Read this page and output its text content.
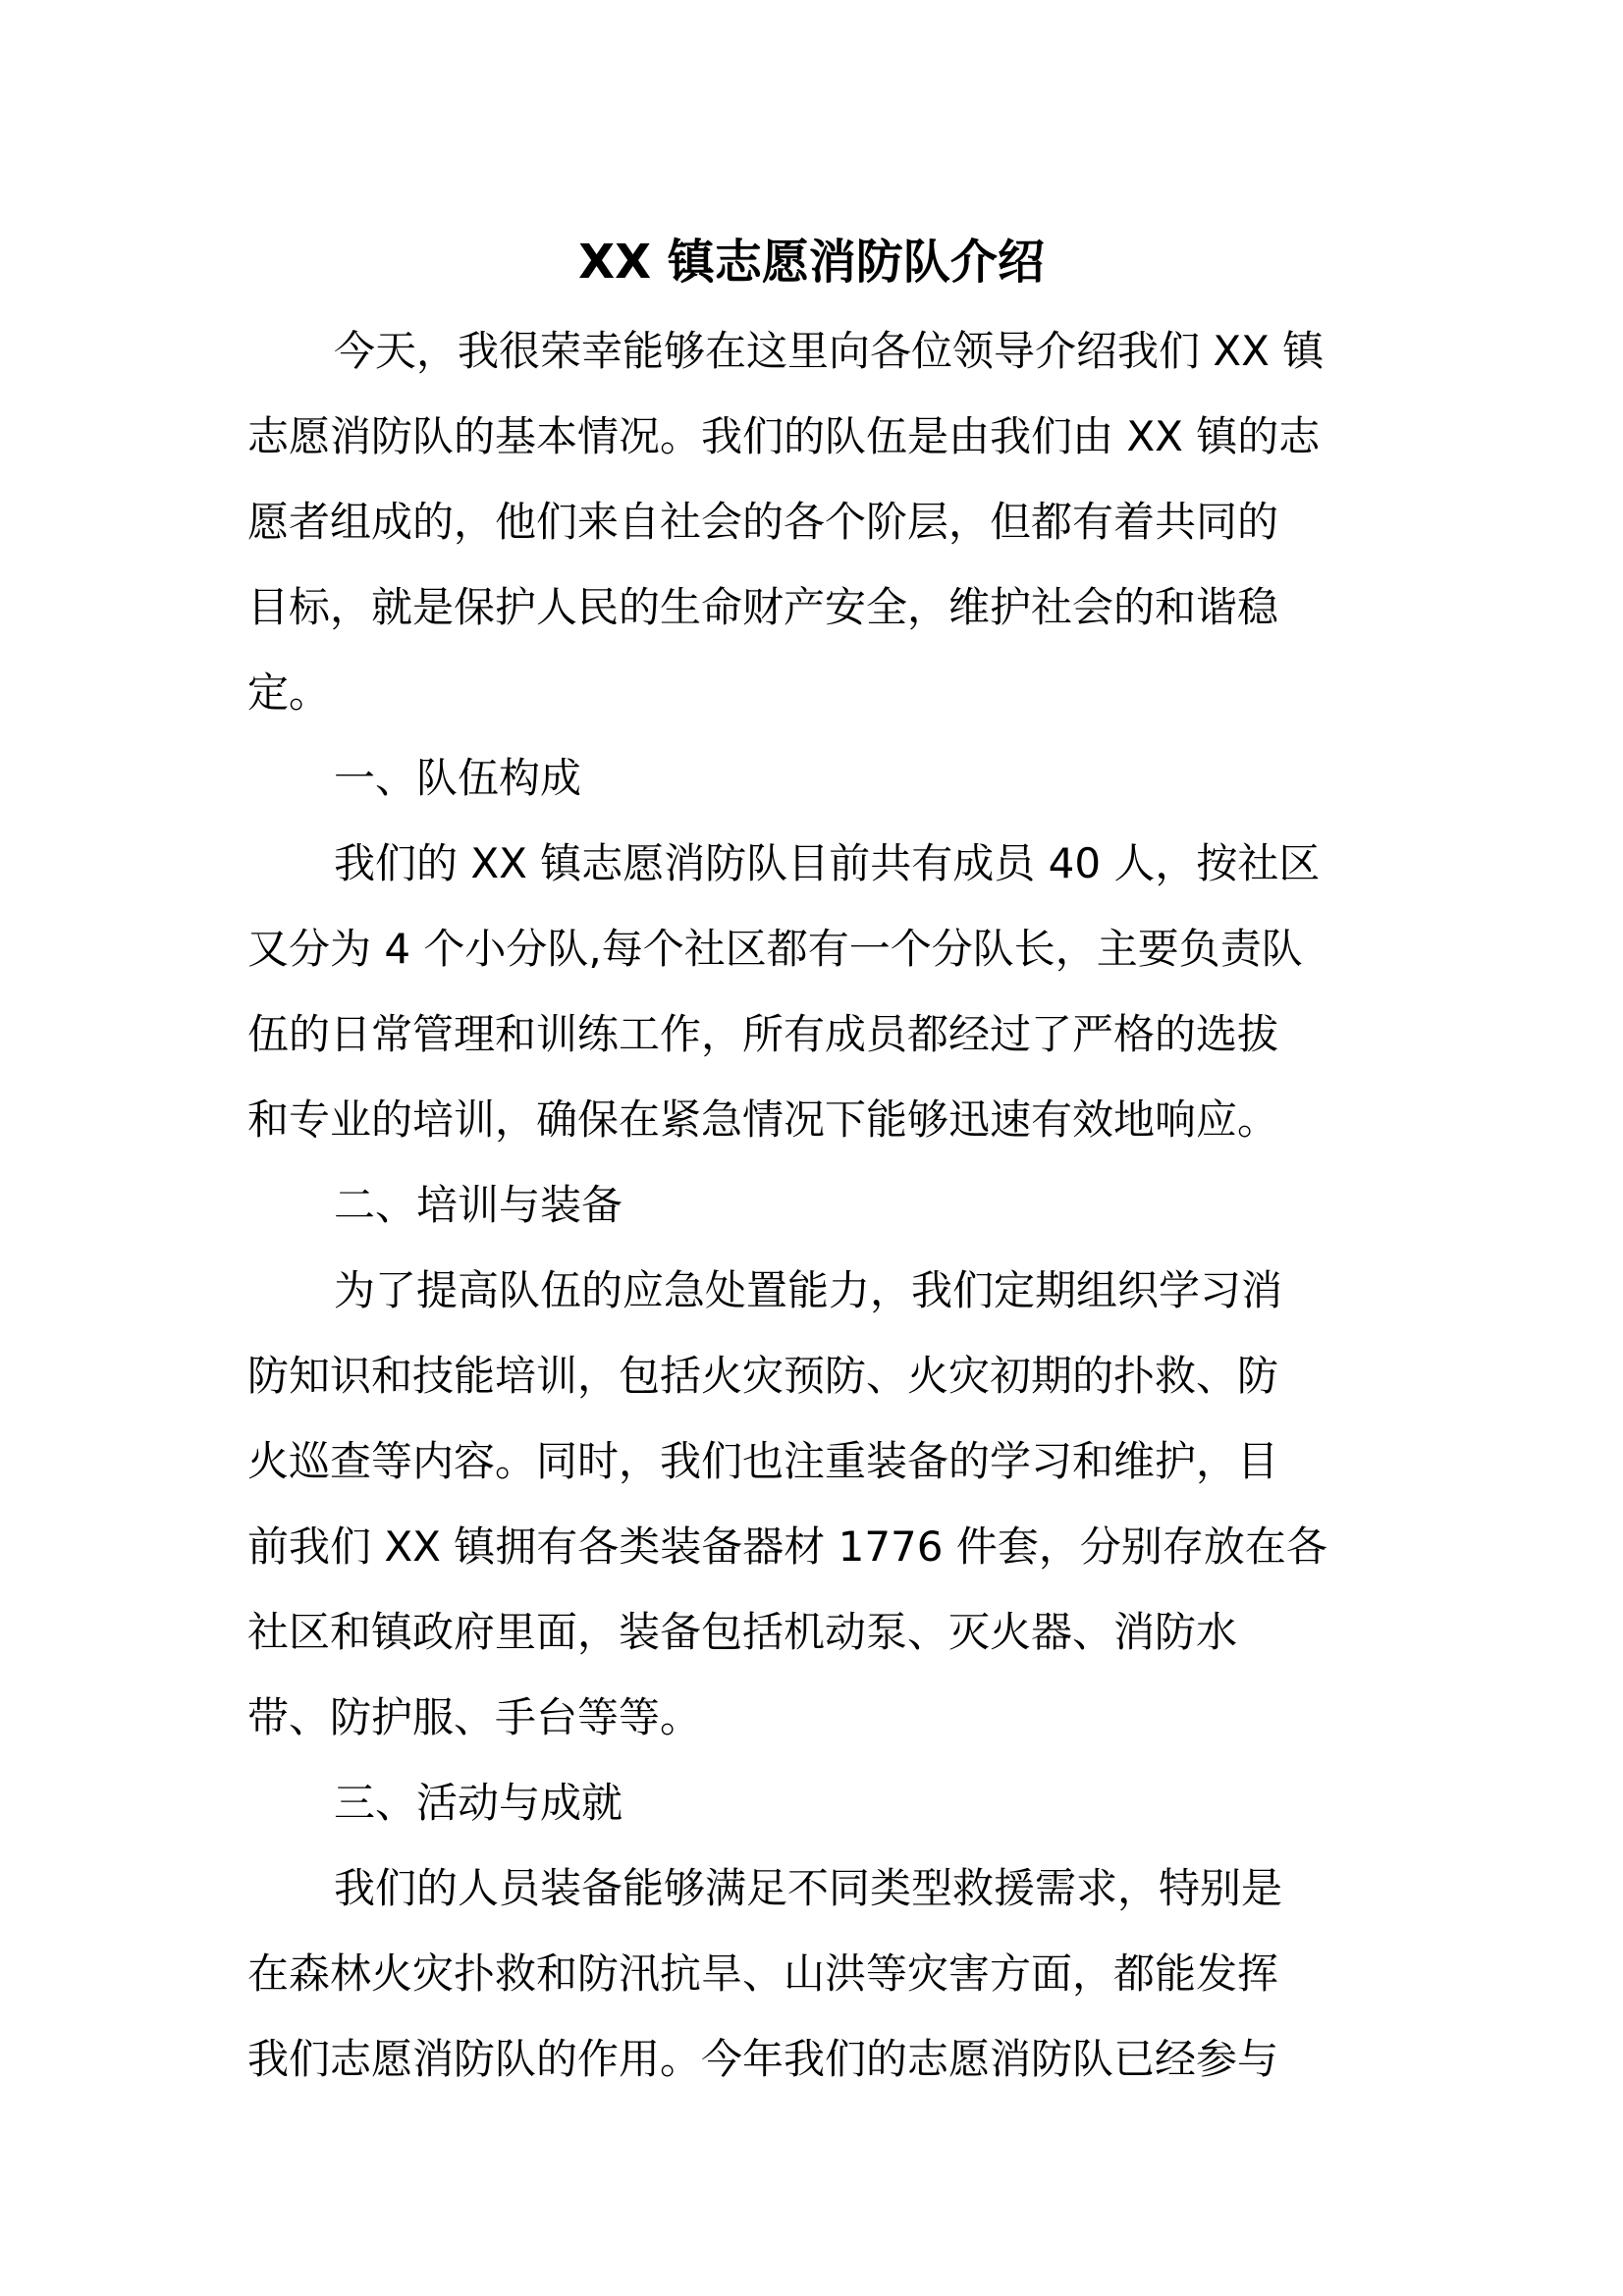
XX 镇志愿消防队介绍
今天，我很荣幸能够在这里向各位领导介绍我们 XX 镇
志愿消防队的基本情况。我们的队伍是由我们由 XX 镇的志
愿者组成的，他们来自社会的各个阶层，但都有着共同的
目标，就是保护人民的生命财产安全，维护社会的和谐稳
定。
一、队伍构成
我们的 XX 镇志愿消防队目前共有成员 40 人，按社区
又分为 4 个小分队,每个社区都有一个分队长，主要负责队
伍的日常管理和训练工作，所有成员都经过了严格的选拔
和专业的培训，确保在紧急情况下能够迅速有效地响应。
二、培训与装备
为了提高队伍的应急处置能力，我们定期组织学习消
防知识和技能培训，包括火灾预防、火灾初期的扑救、防
火巡查等内容。同时，我们也注重装备的学习和维护，目
前我们 XX 镇拥有各类装备器材 1776 件套，分别存放在各
社区和镇政府里面，装备包括机动泵、灭火器、消防水
带、防护服、手台等等。
三、活动与成就
我们的人员装备能够满足不同类型救援需求，特别是
在森林火灾扑救和防汛抗旱、山洪等灾害方面，都能发挥
我们志愿消防队的作用。今年我们的志愿消防队已经参与
